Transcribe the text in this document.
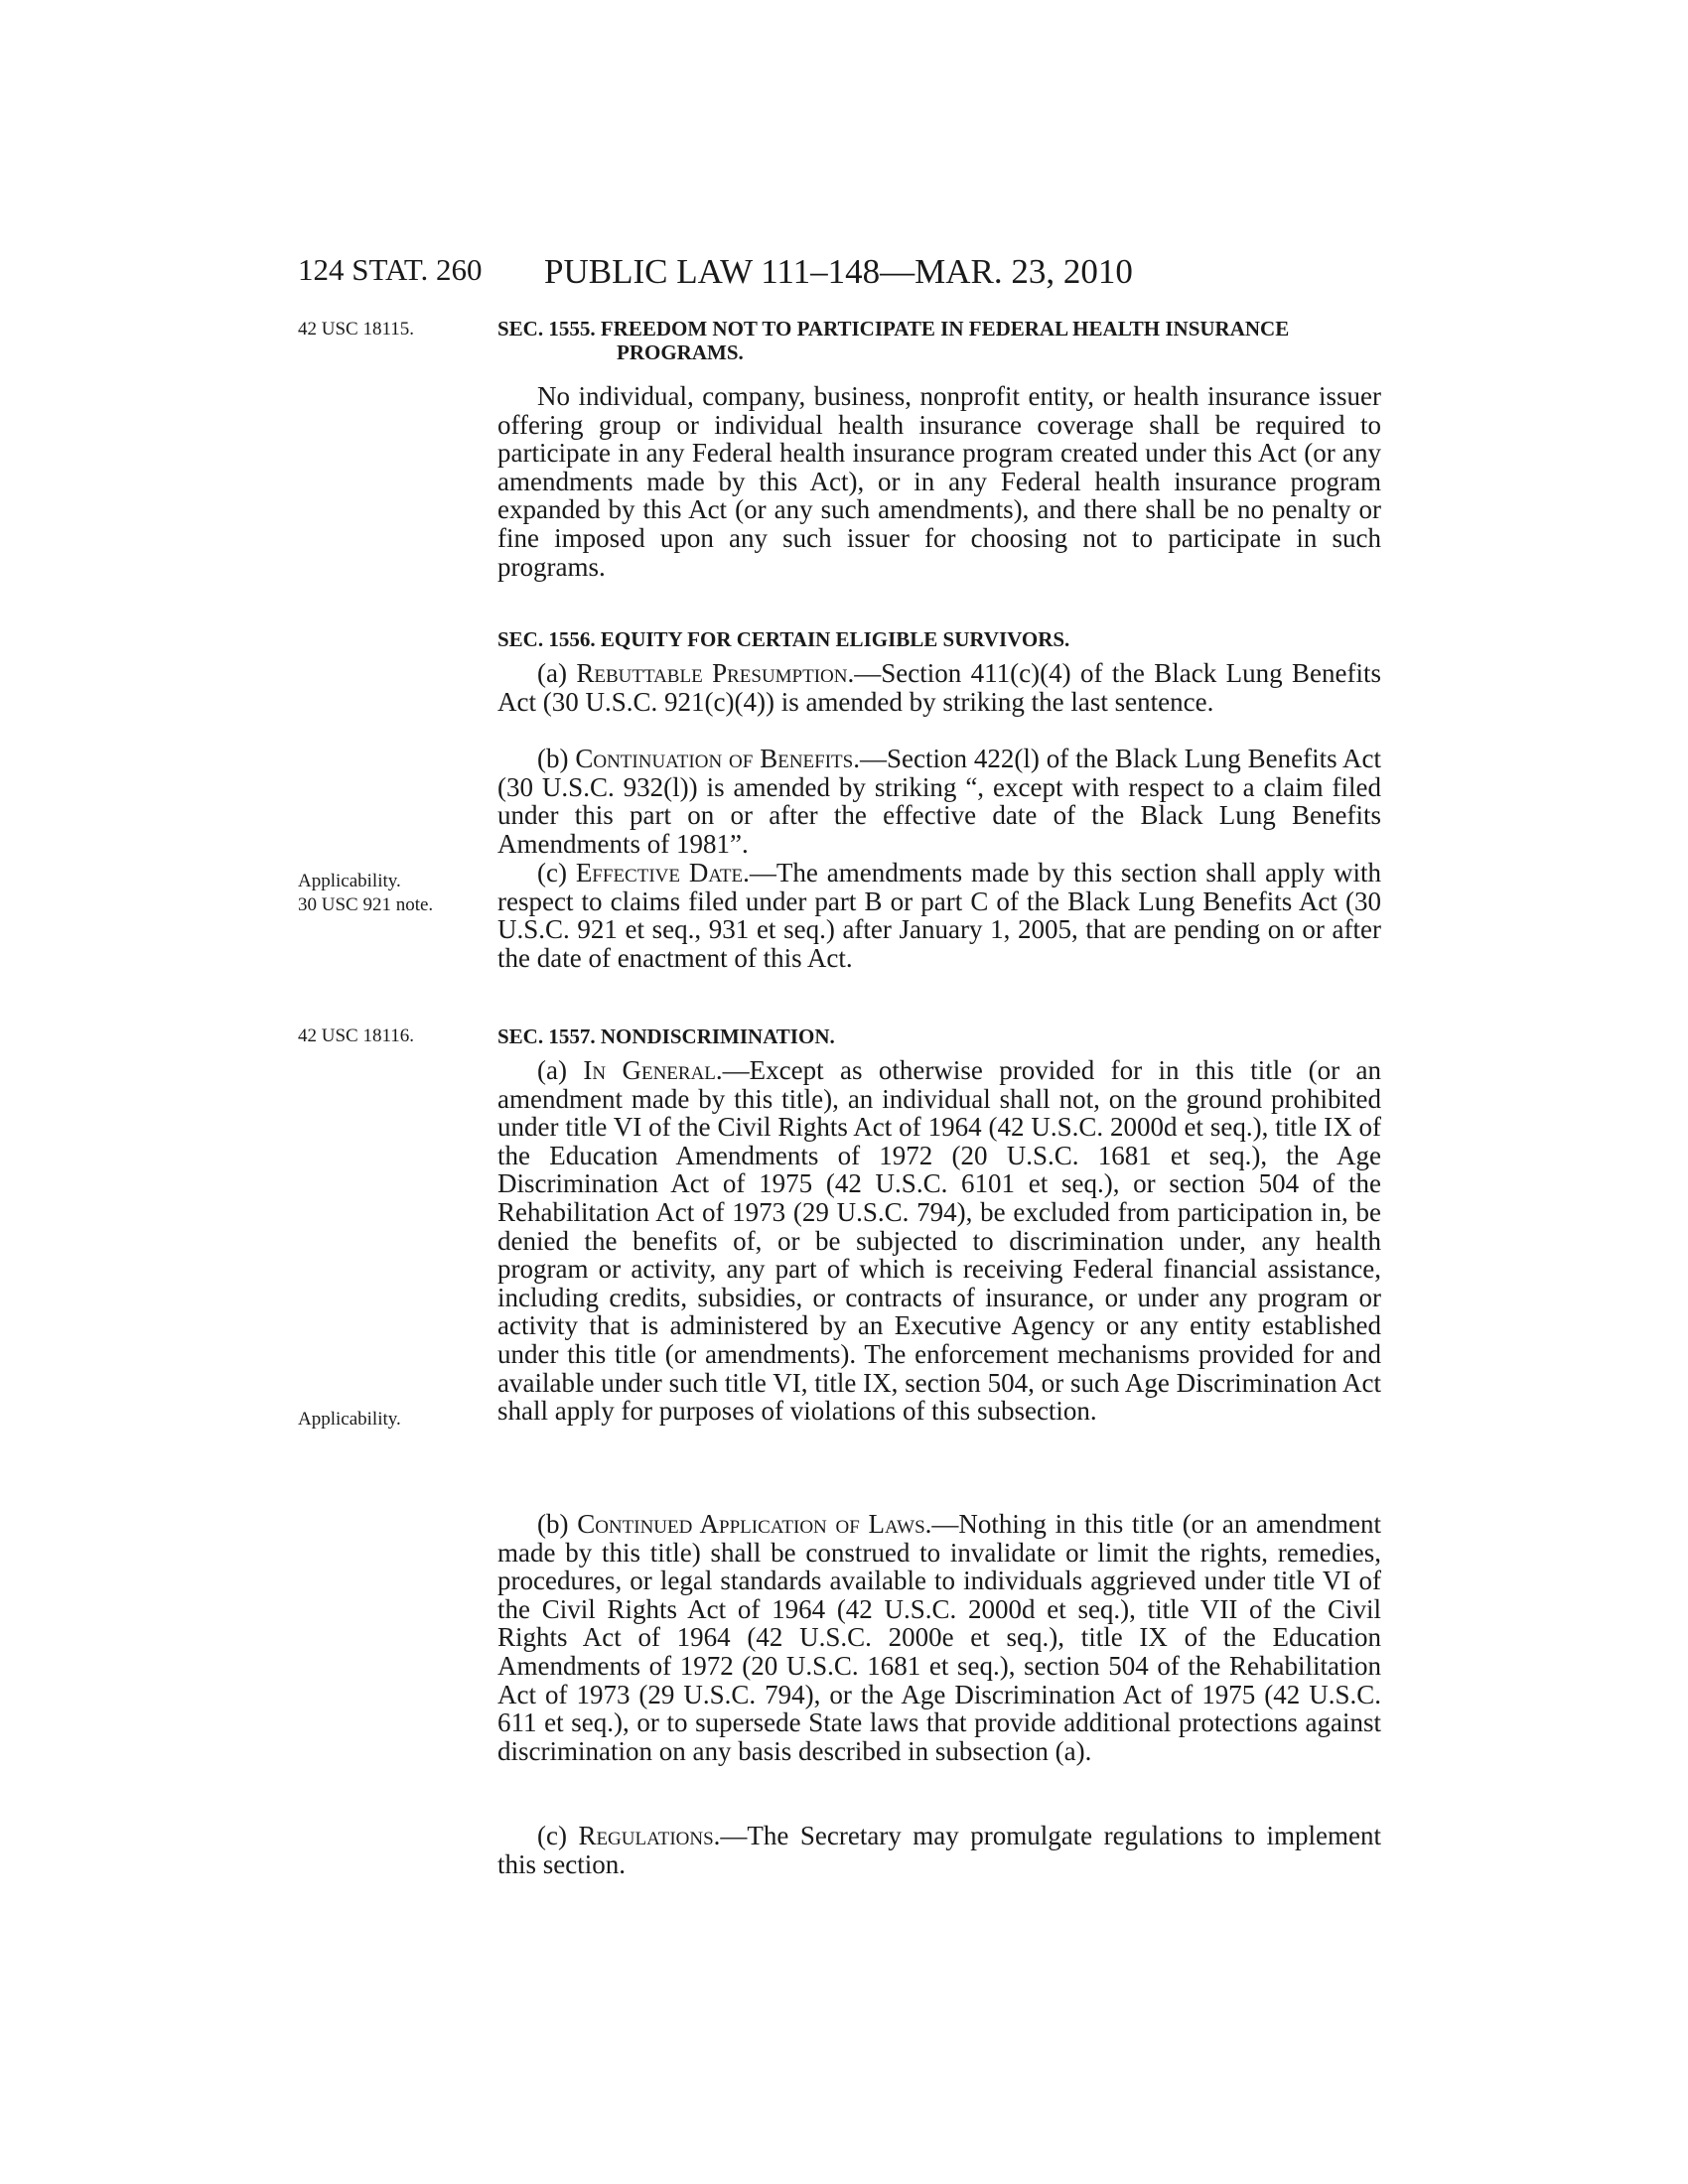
124 STAT. 260 PUBLIC LAW 111–148—MAR. 23, 2010
42 USC 18115.	SEC. 1555. FREEDOM NOT TO PARTICIPATE IN FEDERAL HEALTH INSURANCE PROGRAMS.

No individual, company, business, nonprofit entity, or health insurance issuer offering group or individual health insurance coverage shall be required to participate in any Federal health insurance program created under this Act (or any amendments made by this Act), or in any Federal health insurance program expanded by this Act (or any such amendments), and there shall be no penalty or fine imposed upon any such issuer for choosing not to participate in such programs.

SEC. 1556. EQUITY FOR CERTAIN ELIGIBLE SURVIVORS.

(a) Rebuttable Presumption.—Section 411(c)(4) of the Black Lung Benefits Act (30 U.S.C. 921(c)(4)) is amended by striking the last sentence.

(b) Continuation of Benefits.—Section 422(l) of the Black Lung Benefits Act (30 U.S.C. 932(l)) is amended by striking “, except with respect to a claim filed under this part on or after the effective date of the Black Lung Benefits Amendments of 1981”.

Applicability.
30 USC 921 note.

(c) Effective Date.—The amendments made by this section shall apply with respect to claims filed under part B or part C of the Black Lung Benefits Act (30 U.S.C. 921 et seq., 931 et seq.) after January 1, 2005, that are pending on or after the date of enactment of this Act.

42 USC 18116.	SEC. 1557. NONDISCRIMINATION.

(a) In General.—Except as otherwise provided for in this title (or an amendment made by this title), an individual shall not, on the ground prohibited under title VI of the Civil Rights Act of 1964 (42 U.S.C. 2000d et seq.), title IX of the Education Amendments of 1972 (20 U.S.C. 1681 et seq.), the Age Discrimination Act of 1975 (42 U.S.C. 6101 et seq.), or section 504 of the Rehabilitation Act of 1973 (29 U.S.C. 794), be excluded from participation in, be denied the benefits of, or be subjected to discrimination under, any health program or activity, any part of which is receiving Federal financial assistance, including credits, subsidies, or contracts of insurance, or under any program or activity that is administered by an Executive Agency or any entity established under this title (or amendments). The enforcement mechanisms provided for and available under such title VI, title IX, section 504, or such Age Discrimination Act shall apply for purposes of violations of this subsection.

Applicability.

(b) Continued Application of Laws.—Nothing in this title (or an amendment made by this title) shall be construed to invalidate or limit the rights, remedies, procedures, or legal standards available to individuals aggrieved under title VI of the Civil Rights Act of 1964 (42 U.S.C. 2000d et seq.), title VII of the Civil Rights Act of 1964 (42 U.S.C. 2000e et seq.), title IX of the Education Amendments of 1972 (20 U.S.C. 1681 et seq.), section 504 of the Rehabilitation Act of 1973 (29 U.S.C. 794), or the Age Discrimination Act of 1975 (42 U.S.C. 611 et seq.), or to supersede State laws that provide additional protections against discrimination on any basis described in subsection (a).

(c) Regulations.—The Secretary may promulgate regulations to implement this section.
